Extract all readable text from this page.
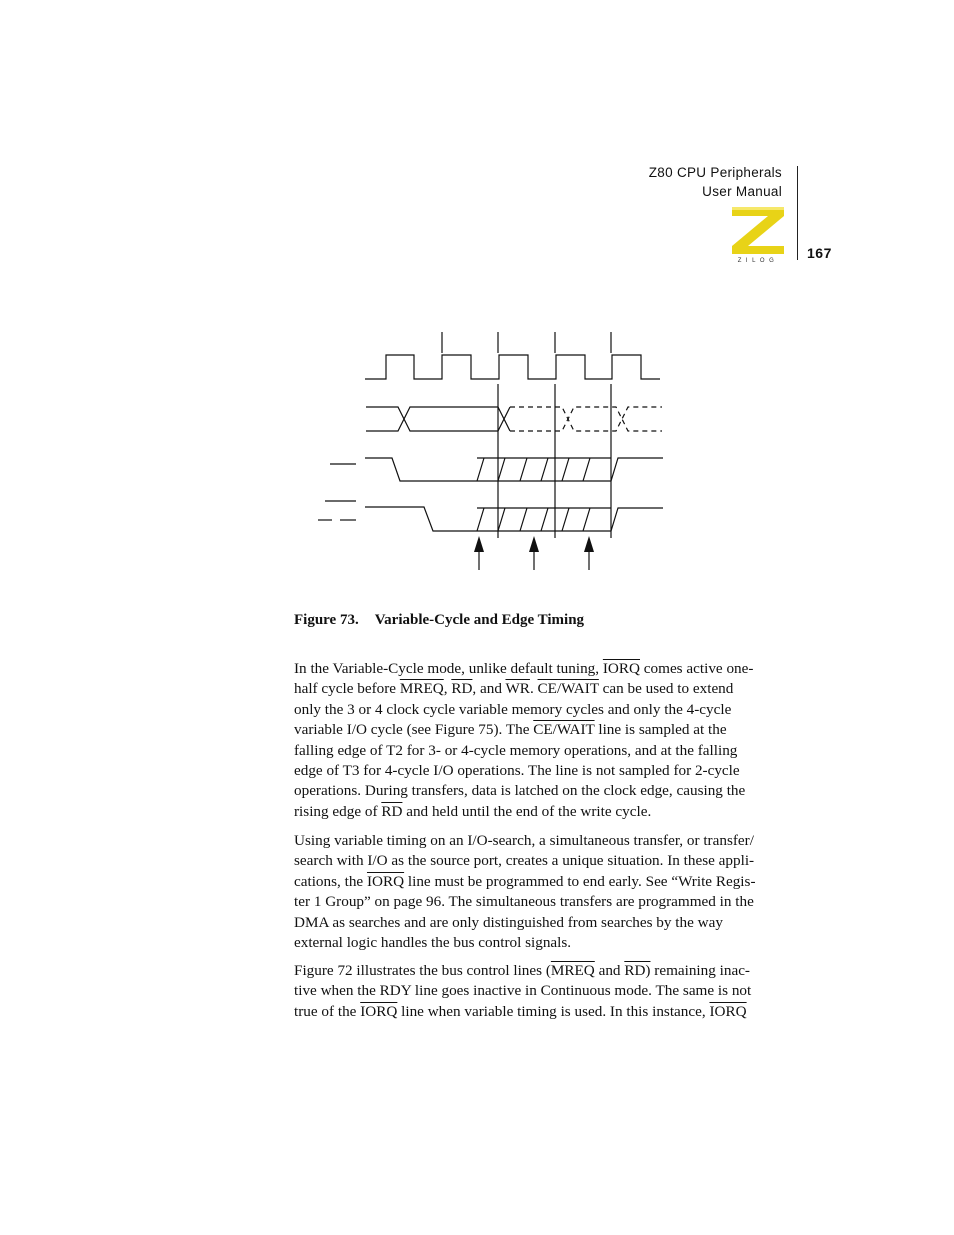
Z80 CPU Peripherals
User Manual
167
ZILOG
Figure 73. Variable-Cycle and Edge Timing
In the Variable-Cycle mode, unlike default tuning, IORQ comes active one-
half cycle before MREQ, $\overline{RD}$, and $\overline{WR}$. CE/WAIT can be used to extend
only the 3 or 4 clock cycle variable memory cycles and only the 4-cycle
variable I/O cycle (see Figure 75). The CE/WAIT line is sampled at the
falling edge of T2 for 3- or 4-cycle memory operations, and at the falling
edge of T3 for 4-cycle I/O operations. The line is not sampled for 2-cycle
operations. During transfers, data is latched on the clock edge, causing the
rising edge of $\overline{RD}$ and held until the end of the write cycle.
Using variable timing on an I/O-search, a simultaneous transfer, or transfer/
search with I/O as the source port, creates a unique situation. In these appli-
cations, the IORQ line must be programmed to end early. See “Write Regis-
ter 1 Group” on page 96. The simultaneous transfers are programmed in the
DMA as searches and are only distinguished from searches by the way
external logic handles the bus control signals.
Figure 72 illustrates the bus control lines (MREQ and RD) remaining inac-
tive when the RDY line goes inactive in Continuous mode. The same is not
true of the IORQ line when variable timing is used. In this instance, IORQ
